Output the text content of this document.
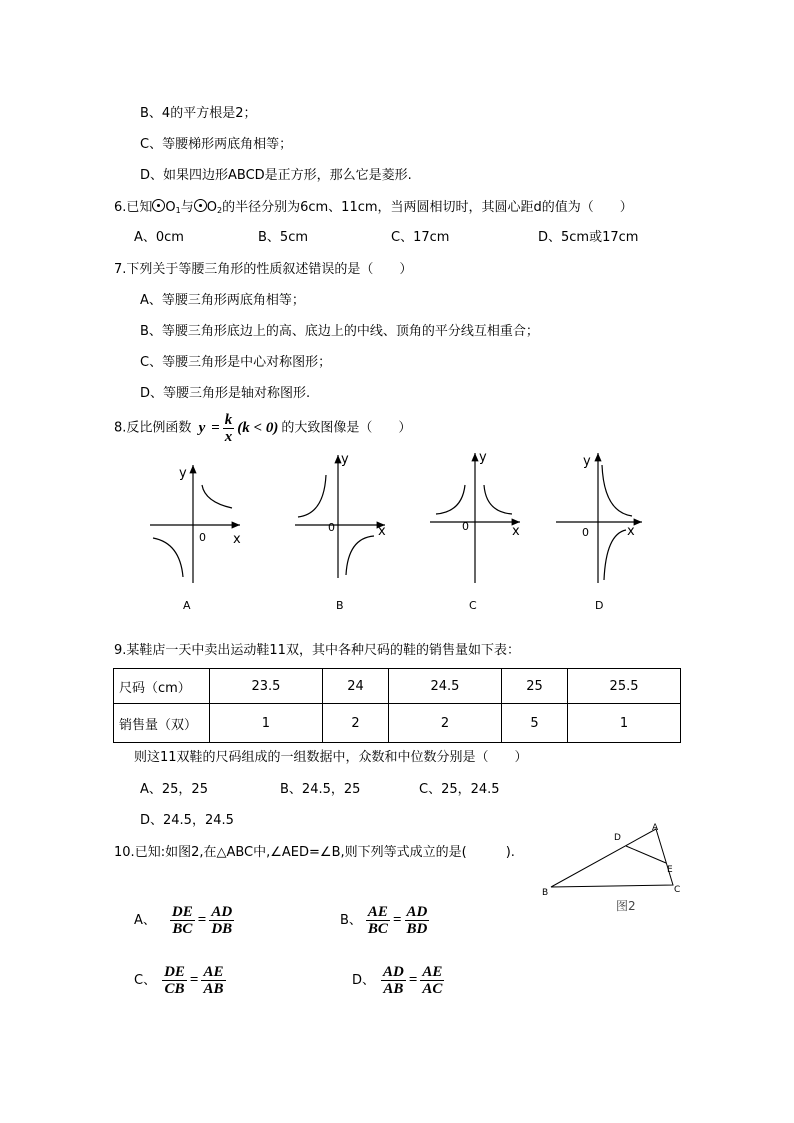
B、4的平方根是2；
C、等腰梯形两底角相等；
D、如果四边形ABCD是正方形，那么它是菱形.
6.已知 $O_1$与 $O_2$的半径分别为6cm、11cm，当两圆相切时，其圆心距d的值为（　　）
A、0cm	B、5cm	C、17cm	D、5cm或17cm
7.下列关于等腰三角形的性质叙述错误的是（　　）
A、等腰三角形两底角相等；
B、等腰三角形底边上的高、底边上的中线、顶角的平分线互相重合；
C、等腰三角形是中心对称图形；
D、等腰三角形是轴对称图形.
8.反比例函数 $y = \frac{k}{x} (k < 0)$ 的大致图像是（　　）
y
x
0
y
x
0
y
x
0
y
x
0
A	B	C	D
9.某鞋店一天中卖出运动鞋11双，其中各种尺码的鞋的销售量如下表：
尺码（cm）	23.5	24	24.5	25	25.5
销售量（双）	1	2	2	5	1
则这11双鞋的尺码组成的一组数据中，众数和中位数分别是（　　）
A、25，25	B、24.5，25	C、25，24.5
D、24.5，24.5
10.已知:如图2,在△ABC中,∠AED=∠B,则下列等式成立的是(　　　).
A
B	C
D
E
图2
A、 $\frac{DE}{BC} = \frac{AD}{DB}$	B、 $\frac{AE}{BC} = \frac{AD}{BD}$
C、 $\frac{DE}{CB} = \frac{AE}{AB}$	D、 $\frac{AD}{AB} = \frac{AE}{AC}$
